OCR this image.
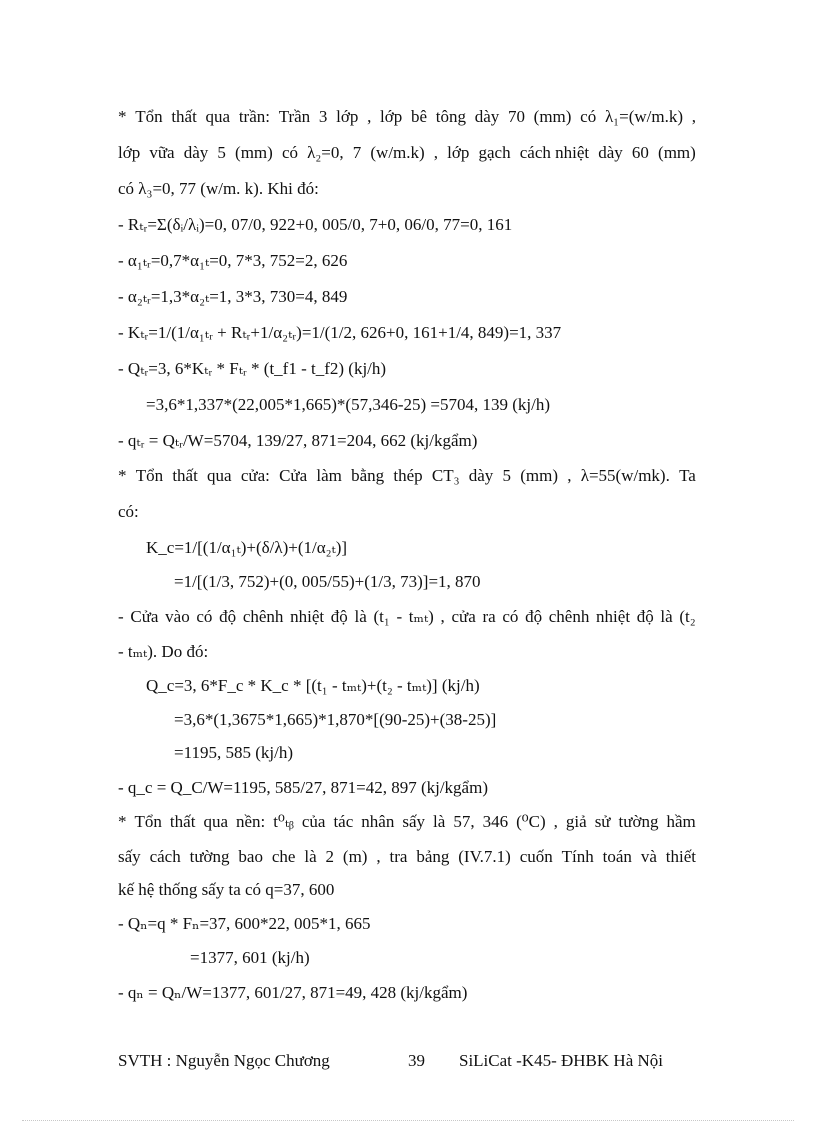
* Tổn thất qua trần: Trần 3 lớp , lớp bê tông dày 70 (mm) có λ₁=(w/m.k) ,
lớp vữa dày 5 (mm) có λ₂=0, 7 (w/m.k) , lớp gạch cách nhiệt dày 60 (mm)
có λ₃=0, 77 (w/m. k). Khi đó:
- Rₜᵣ=Σ(δᵢ/λᵢ)=0, 07/0, 922+0, 005/0, 7+0, 06/0, 77=0, 161
- α₁ₜᵣ=0,7*α₁ₜ=0, 7*3, 752=2, 626
- α₂ₜᵣ=1,3*α₂ₜ=1, 3*3, 730=4, 849
- Kₜᵣ=1/(1/α₁ₜᵣ + Rₜᵣ+1/α₂ₜᵣ)=1/(1/2, 626+0, 161+1/4, 849)=1, 337
- Qₜᵣ=3, 6*Kₜᵣ * Fₜᵣ * (t_f1 - t_f2) (kj/h)
=3,6*1,337*(22,005*1,665)*(57,346-25) =5704, 139 (kj/h)
- qₜᵣ = Qₜᵣ/W=5704, 139/27, 871=204, 662 (kj/kgẩm)
* Tổn thất qua cửa: Cửa làm bằng thép CT₃ dày 5 (mm) , λ=55(w/mk). Ta
có:
K_c=1/[(1/α₁ₜ)+(δ/λ)+(1/α₂ₜ)]
=1/[(1/3, 752)+(0, 005/55)+(1/3, 73)]=1, 870
- Cửa vào có độ chênh nhiệt độ là (t₁ - tₘₜ) , cửa ra có độ chênh nhiệt độ là (t₂
- tₘₜ). Do đó:
Q_c=3, 6*F_c * K_c * [(t₁ - tₘₜ)+(t₂ - tₘₜ)] (kj/h)
=3,6*(1,3675*1,665)*1,870*[(90-25)+(38-25)]
=1195, 585 (kj/h)
- q_c = Q_C/W=1195, 585/27, 871=42, 897 (kj/kgẩm)
* Tổn thất qua nền: t⁰ₜᵦ của tác nhân sấy là 57, 346 (⁰C) , giả sử tường hầm
sấy cách tường bao che là 2 (m) , tra bảng (IV.7.1) cuốn Tính toán và thiết
kế hệ thống sấy ta có q=37, 600
- Qₙ=q * Fₙ=37, 600*22, 005*1, 665
=1377, 601 (kj/h)
- qₙ = Qₙ/W=1377, 601/27, 871=49, 428 (kj/kgẩm)
SVTH : Nguyễn Ngọc Chương	39 SiLiCat -K45- ĐHBK Hà Nội
